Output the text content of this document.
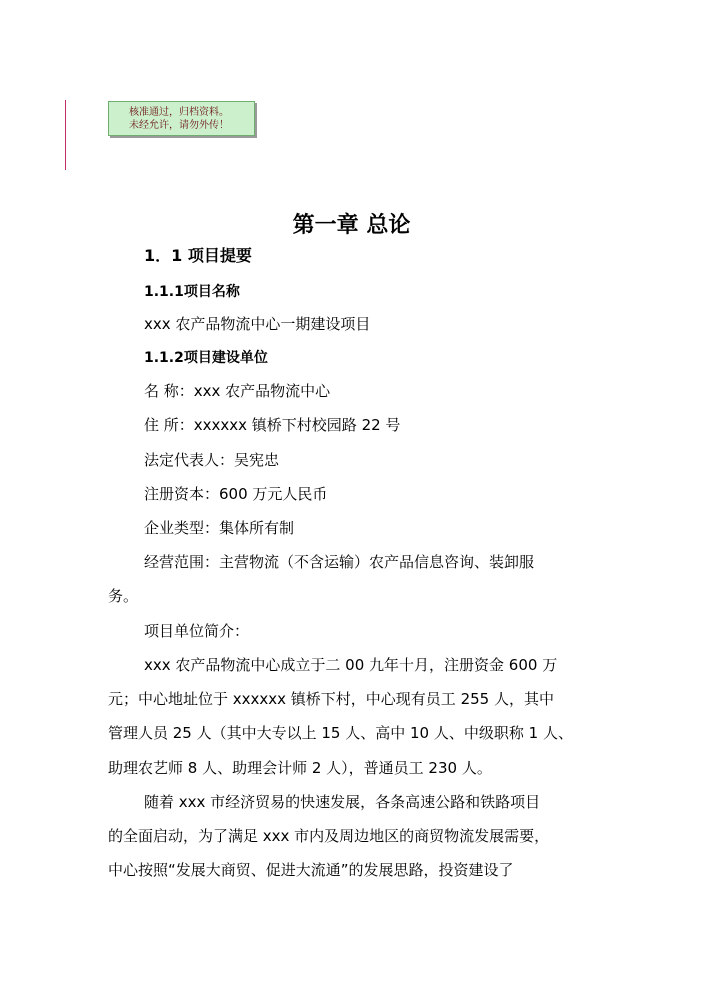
核准通过，归档资料。
未经允许，请勿外传！
第一章 总论
1．1 项目提要
1.1.1项目名称
xxx 农产品物流中心一期建设项目
1.1.2项目建设单位
名 称：xxx 农产品物流中心
住 所：xxxxxx 镇桥下村校园路 22 号
法定代表人：吴宪忠
注册资本：600 万元人民币
企业类型：集体所有制
经营范围：主营物流（不含运输）农产品信息咨询、装卸服
务。
项目单位简介：
xxx 农产品物流中心成立于二 00 九年十月，注册资金 600 万
元；中心地址位于 xxxxxx 镇桥下村，中心现有员工 255 人，其中
管理人员 25 人（其中大专以上 15 人、高中 10 人、中级职称 1 人、
助理农艺师 8 人、助理会计师 2 人），普通员工 230 人。
随着 xxx 市经济贸易的快速发展，各条高速公路和铁路项目
的全面启动，为了满足 xxx 市内及周边地区的商贸物流发展需要，
中心按照“发展大商贸、促进大流通”的发展思路，投资建设了
